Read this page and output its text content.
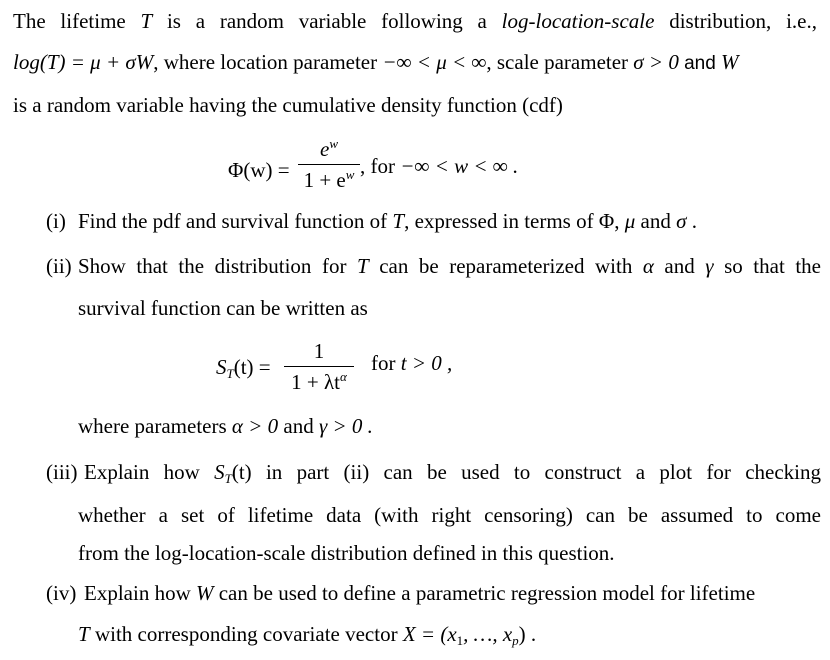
The lifetime T is a random variable following a log-location-scale distribution, i.e.,
log(T) = μ + σW, where location parameter −∞ < μ < ∞, scale parameter σ > 0 and W
is a random variable having the cumulative density function (cdf)
Φ(w) =
$e^w$
$1 + e^w$ , for −∞ < w < ∞ .
(i) Find the pdf and survival function of T, expressed in terms of Φ, μ and σ .
(ii) Show that the distribution for T can be reparameterized with α and γ so that the
survival function can be written as
$S_T(t)$ =
1
$1 + \lambda t^\alpha$
for t > 0 ,
where parameters α > 0 and γ > 0 .
(iii) Explain how $S_T(t)$ in part (ii) can be used to construct a plot for checking
whether a set of lifetime data (with right censoring) can be assumed to come
from the log-location-scale distribution defined in this question.
(iv) Explain how W can be used to define a parametric regression model for lifetime
T with corresponding covariate vector $X = (x_1$, …, $x_p$) .
